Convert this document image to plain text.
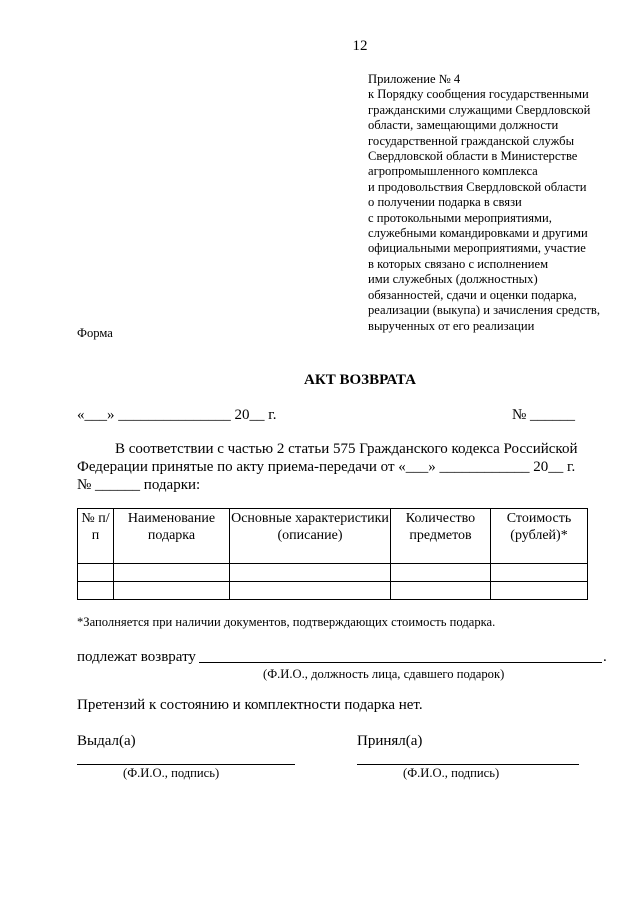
12
Приложение № 4
к Порядку сообщения государственными
гражданскими служащими Свердловской
области, замещающими должности
государственной гражданской службы
Свердловской области в Министерстве
агропромышленного комплекса
и продовольствия Свердловской области
о получении подарка в связи
с протокольными мероприятиями,
служебными командировками и другими
официальными мероприятиями, участие
в которых связано с исполнением
ими служебных (должностных)
обязанностей, сдачи и оценки подарка,
реализации (выкупа) и зачисления средств,
вырученных от его реализации
Форма
АКТ ВОЗВРАТА
«___» _______________ 20__ г.	№ ______
В соответствии с частью 2 статьи 575 Гражданского кодекса Российской
Федерации принятые по акту приема-передачи от «___» ____________ 20__ г.
№ ______ подарки:
№ п/п	Наименование подарка	Основные характеристики (описание)	Количество предметов	Стоимость (рублей)*

*Заполняется при наличии документов, подтверждающих стоимость подарка.
подлежат возврату	.
(Ф.И.О., должность лица, сдавшего подарок)
Претензий к состоянию и комплектности подарка нет.
Выдал(а)	Принял(а)
(Ф.И.О., подпись)	(Ф.И.О., подпись)
